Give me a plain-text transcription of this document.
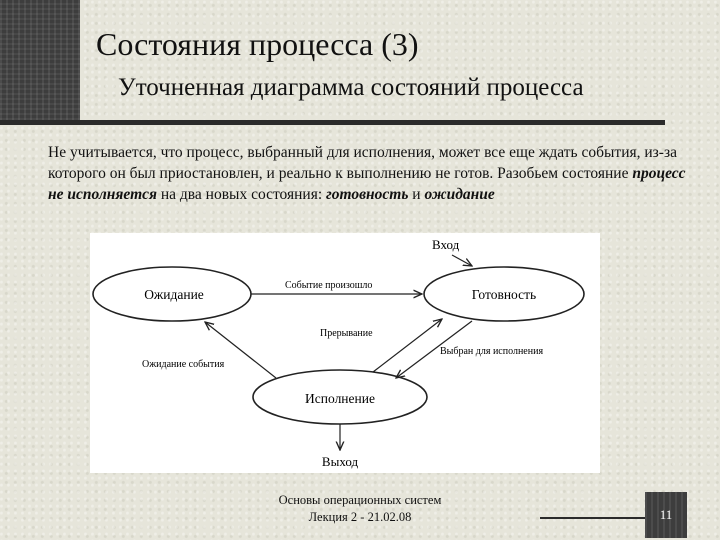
Состояния процесса (3)
Уточненная диаграмма состояний процесса
Не учитывается, что процесс, выбранный для исполнения, может все еще ждать события, из-за которого он был приостановлен, и реально к выполнению не готов. Разобьем состояние процесс не исполняется на два новых состояния: готовность и ожидание
Ожидание	Готовность
Исполнение
Вход
Событие произошло
Ожидание события
Прерывание
Выбран для исполнения
Выход
Основы операционных систем
Лекция 2 - 21.02.08	11
